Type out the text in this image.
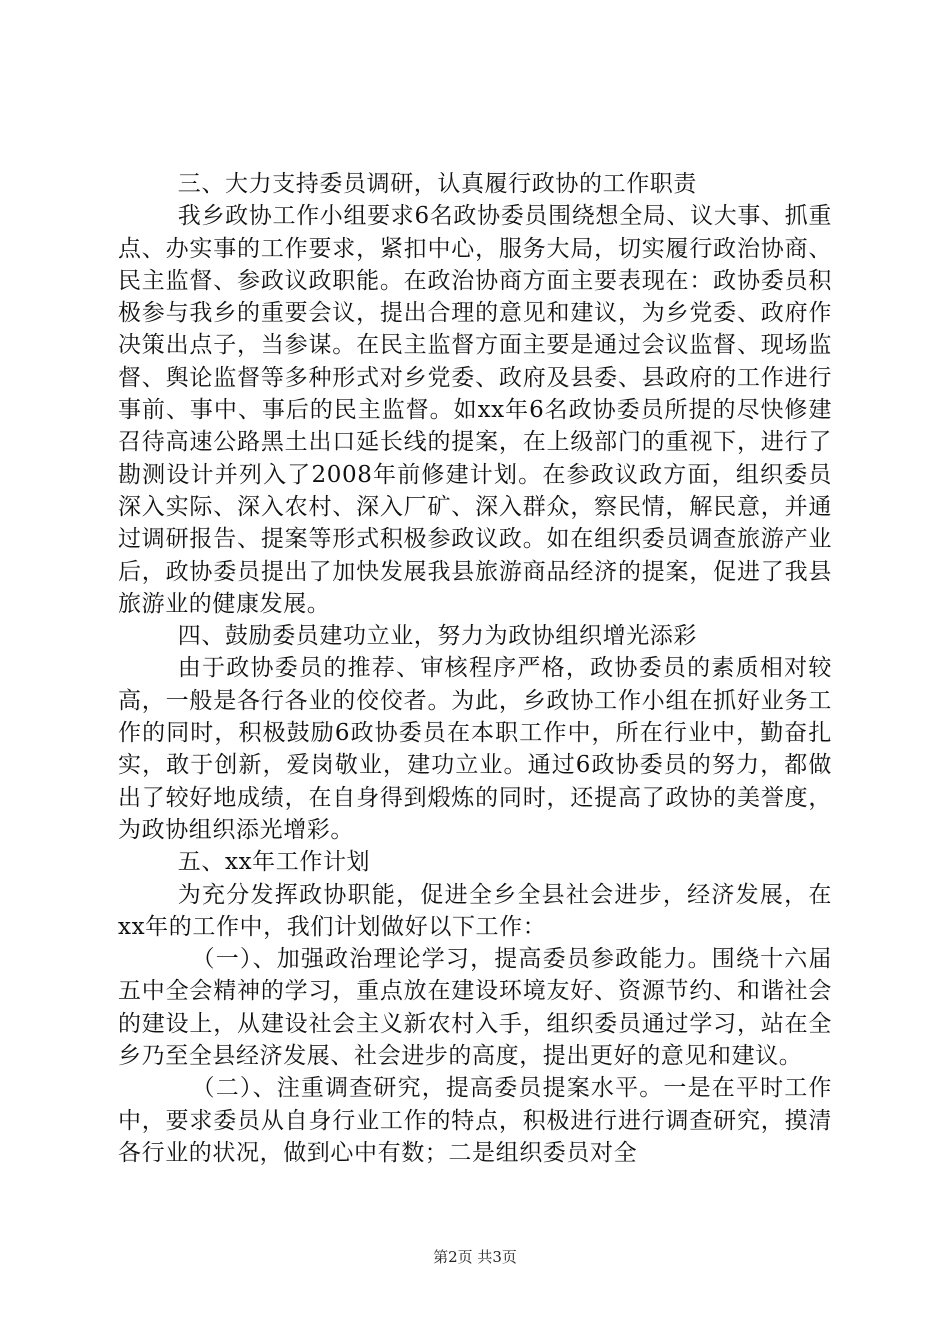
三、大力支持委员调研，认真履行政协的工作职责

我乡政协工作小组要求6名政协委员围绕想全局、议大事、抓重点、办实事的工作要求，紧扣中心，服务大局，切实履行政治协商、民主监督、参政议政职能。在政治协商方面主要表现在：政协委员积极参与我乡的重要会议，提出合理的意见和建议，为乡党委、政府作决策出点子，当参谋。在民主监督方面主要是通过会议监督、现场监督、舆论监督等多种形式对乡党委、政府及县委、县政府的工作进行事前、事中、事后的民主监督。如xx年6名政协委员所提的尽快修建召待高速公路黑土出口延长线的提案，在上级部门的重视下，进行了勘测设计并列入了2008年前修建计划。在参政议政方面，组织委员深入实际、深入农村、深入厂矿、深入群众，察民情，解民意，并通过调研报告、提案等形式积极参政议政。如在组织委员调查旅游产业后，政协委员提出了加快发展我县旅游商品经济的提案，促进了我县旅游业的健康发展。

四、鼓励委员建功立业，努力为政协组织增光添彩

由于政协委员的推荐、审核程序严格，政协委员的素质相对较高，一般是各行各业的佼佼者。为此，乡政协工作小组在抓好业务工作的同时，积极鼓励6政协委员在本职工作中，所在行业中，勤奋扎实，敢于创新，爱岗敬业，建功立业。通过6政协委员的努力，都做出了较好地成绩，在自身得到煅炼的同时，还提高了政协的美誉度，为政协组织添光增彩。

五、xx年工作计划

为充分发挥政协职能，促进全乡全县社会进步，经济发展，在xx年的工作中，我们计划做好以下工作：

（一）、加强政治理论学习，提高委员参政能力。围绕十六届五中全会精神的学习，重点放在建设环境友好、资源节约、和谐社会的建设上，从建设社会主义新农村入手，组织委员通过学习，站在全乡乃至全县经济发展、社会进步的高度，提出更好的意见和建议。

（二）、注重调查研究，提高委员提案水平。一是在平时工作中，要求委员从自身行业工作的特点，积极进行进行调查研究，摸清各行业的状况，做到心中有数；二是组织委员对全

第2页 共3页
